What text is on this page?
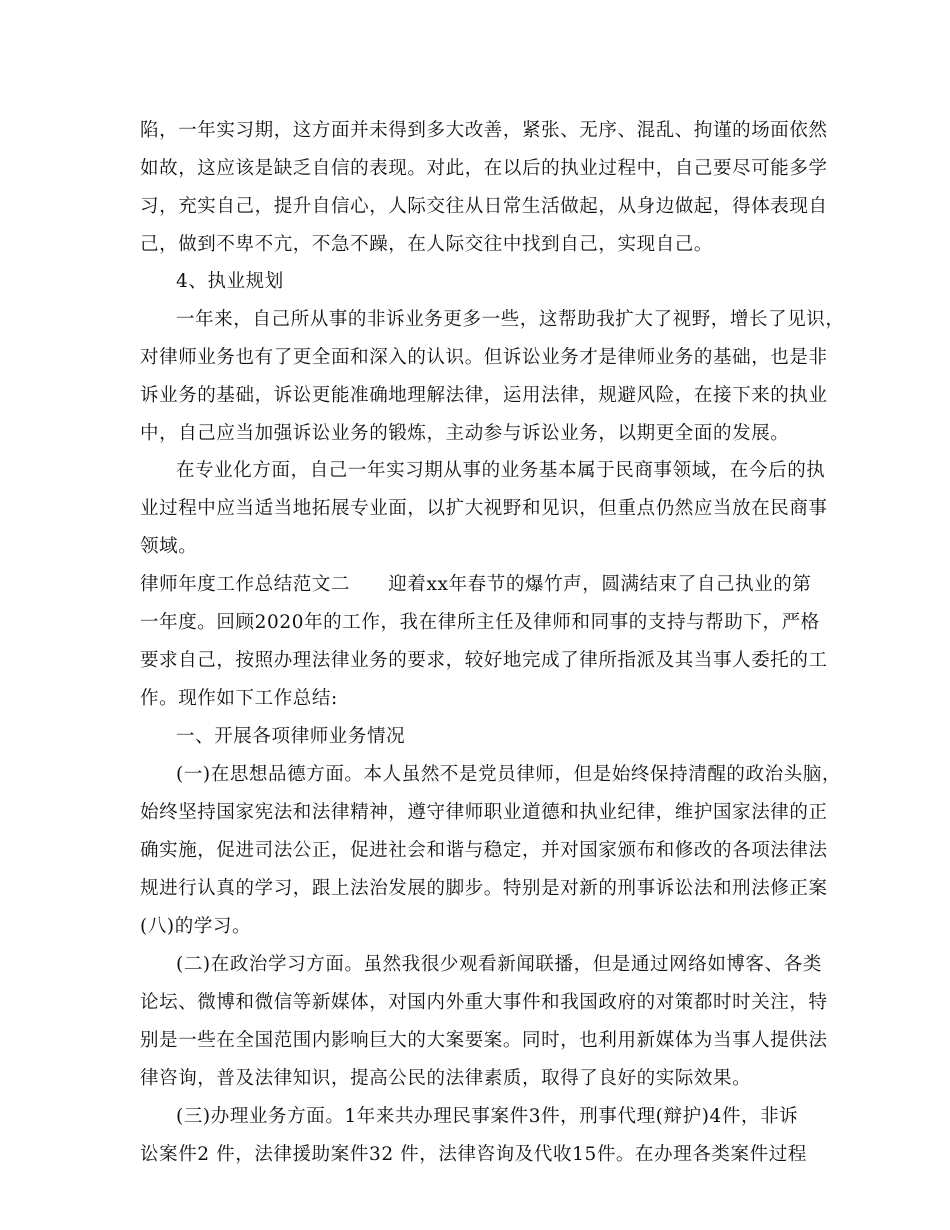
陷，一年实习期，这方面并未得到多大改善，紧张、无序、混乱、拘谨的场面依然
如故，这应该是缺乏自信的表现。对此，在以后的执业过程中，自己要尽可能多学
习，充实自己，提升自信心，人际交往从日常生活做起，从身边做起，得体表现自
己，做到不卑不亢，不急不躁，在人际交往中找到自己，实现自己。
4、执业规划
一年来，自己所从事的非诉业务更多一些，这帮助我扩大了视野，增长了见识，
对律师业务也有了更全面和深入的认识。但诉讼业务才是律师业务的基础，也是非
诉业务的基础，诉讼更能准确地理解法律，运用法律，规避风险，在接下来的执业
中，自己应当加强诉讼业务的锻炼，主动参与诉讼业务，以期更全面的发展。
在专业化方面，自己一年实习期从事的业务基本属于民商事领域，在今后的执
业过程中应当适当地拓展专业面，以扩大视野和见识，但重点仍然应当放在民商事
领域。
律师年度工作总结范文二　　迎着xx年春节的爆竹声，圆满结束了自己执业的第
一年度。回顾2020年的工作，我在律所主任及律师和同事的支持与帮助下，严格
要求自己，按照办理法律业务的要求，较好地完成了律所指派及其当事人委托的工
作。现作如下工作总结:
一、开展各项律师业务情况
(一)在思想品德方面。本人虽然不是党员律师，但是始终保持清醒的政治头脑，
始终坚持国家宪法和法律精神，遵守律师职业道德和执业纪律，维护国家法律的正
确实施，促进司法公正，促进社会和谐与稳定，并对国家颁布和修改的各项法律法
规进行认真的学习，跟上法治发展的脚步。特别是对新的刑事诉讼法和刑法修正案
(八)的学习。
(二)在政治学习方面。虽然我很少观看新闻联播，但是通过网络如博客、各类
论坛、微博和微信等新媒体，对国内外重大事件和我国政府的对策都时时关注，特
别是一些在全国范围内影响巨大的大案要案。同时，也利用新媒体为当事人提供法
律咨询，普及法律知识，提高公民的法律素质，取得了良好的实际效果。
(三)办理业务方面。1年来共办理民事案件3件，刑事代理(辩护)4件，非诉
讼案件2 件，法律援助案件32 件，法律咨询及代收15件。在办理各类案件过程
